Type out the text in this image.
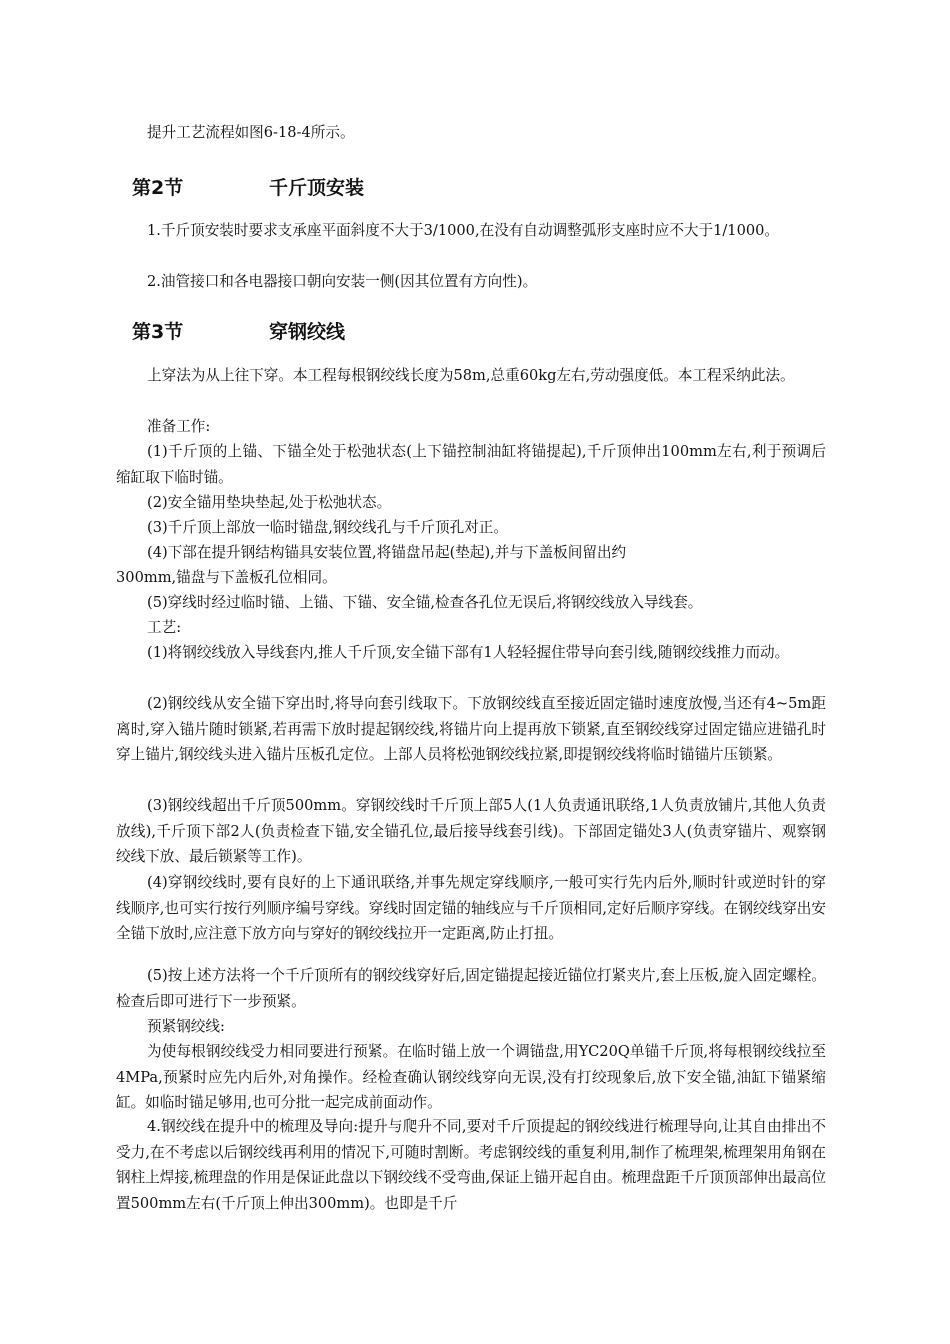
提升工艺流程如图6-18-4所示。

第2节	千斤顶安装

1.千斤顶安装时要求支承座平面斜度不大于3/1000,在没有自动调整弧形支座时应不大于1/1000。

2.油管接口和各电器接口朝向安装一侧(因其位置有方向性)。

第3节	穿钢绞线

上穿法为从上往下穿。本工程每根钢绞线长度为58m,总重60kg左右,劳动强度低。本工程采纳此法。

准备工作:

(1)千斤顶的上锚、下锚全处于松弛状态(上下锚控制油缸将锚提起),千斤顶伸出100mm左右,利于预调后缩缸取下临时锚。

(2)安全锚用垫块垫起,处于松弛状态。

(3)千斤顶上部放一临时锚盘,钢绞线孔与千斤顶孔对正。

(4)下部在提升钢结构锚具安装位置,将锚盘吊起(垫起),并与下盖板间留出约

300mm,锚盘与下盖板孔位相同。

(5)穿线时经过临时锚、上锚、下锚、安全锚,检查各孔位无误后,将钢绞线放入导线套。

工艺:

(1)将钢绞线放入导线套内,推人千斤顶,安全锚下部有1人轻轻握住带导向套引线,随钢绞线推力而动。

(2)钢绞线从安全锚下穿出时,将导向套引线取下。下放钢绞线直至接近固定锚时速度放慢,当还有4~5m距离时,穿入锚片随时锁紧,若再需下放时提起钢绞线,将锚片向上提再放下锁紧,直至钢绞线穿过固定锚应进锚孔时穿上锚片,钢绞线头进入锚片压板孔定位。上部人员将松弛钢绞线拉紧,即提钢绞线将临时锚锚片压锁紧。

(3)钢绞线超出千斤顶500mm。穿钢绞线时千斤顶上部5人(1人负责通讯联络,1人负责放铺片,其他人负责放线),千斤顶下部2人(负责检查下锚,安全锚孔位,最后接导线套引线)。下部固定锚处3人(负责穿锚片、观察钢绞线下放、最后锁紧等工作)。

(4)穿钢绞线时,要有良好的上下通讯联络,并事先规定穿线顺序,一般可实行先内后外,顺时针或逆时针的穿线顺序,也可实行按行列顺序编号穿线。穿线时固定锚的轴线应与千斤顶相同,定好后顺序穿线。在钢绞线穿出安全锚下放时,应注意下放方向与穿好的钢绞线拉开一定距离,防止打扭。

(5)按上述方法将一个千斤顶所有的钢绞线穿好后,固定锚提起接近锚位打紧夹片,套上压板,旋入固定螺栓。检查后即可进行下一步预紧。

预紧钢绞线:

为使每根钢绞线受力相同要进行预紧。在临时锚上放一个调锚盘,用YC20Q单锚千斤顶,将每根钢绞线拉至4MPa,预紧时应先内后外,对角操作。经检查确认钢绞线穿向无误,没有打绞现象后,放下安全锚,油缸下锚紧缩缸。如临时锚足够用,也可分批一起完成前面动作。

4.钢绞线在提升中的梳理及导向:提升与爬升不同,要对千斤顶提起的钢绞线进行梳理导向,让其自由排出不受力,在不考虑以后钢绞线再利用的情况下,可随时割断。考虑钢绞线的重复利用,制作了梳理架,梳理架用角钢在钢柱上焊接,梳理盘的作用是保证此盘以下钢绞线不受弯曲,保证上锚开起自由。梳理盘距千斤顶顶部伸出最高位置500mm左右(千斤顶上伸出300mm)。也即是千斤
